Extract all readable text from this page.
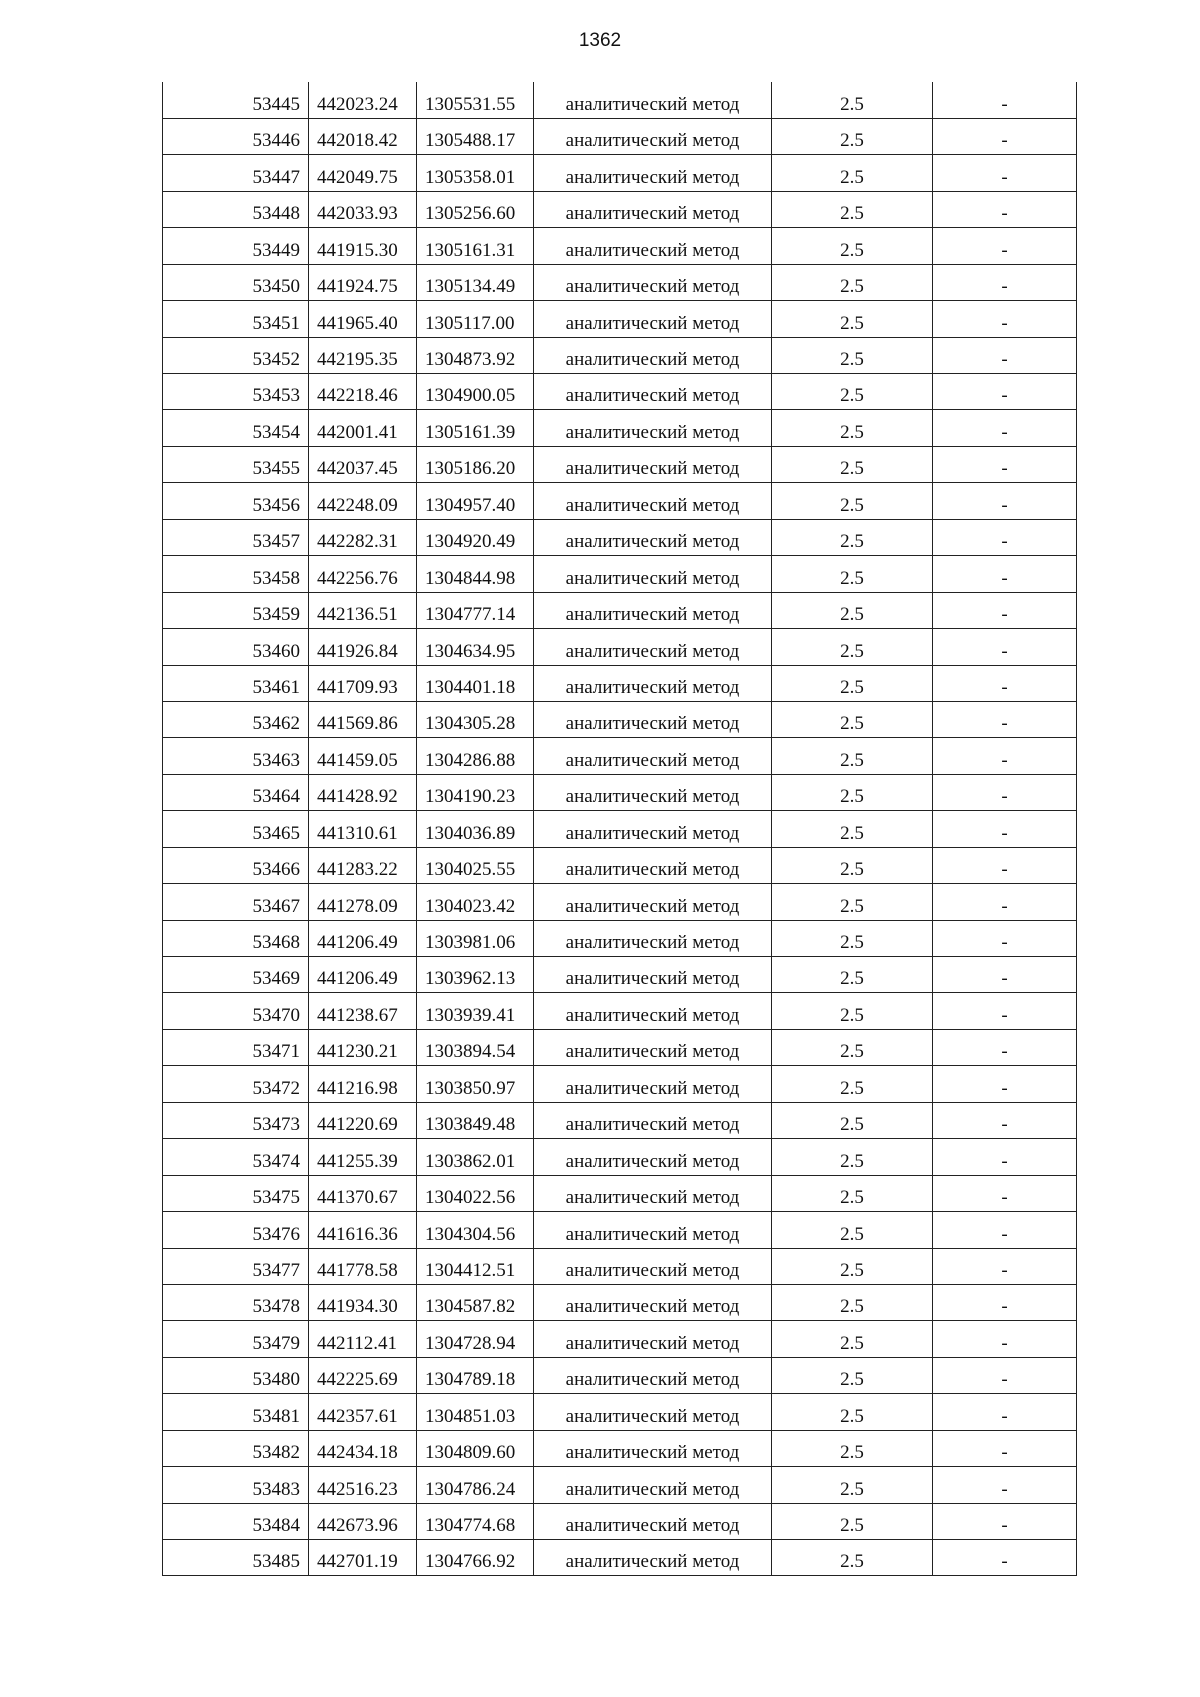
1362
53445	442023.24	1305531.55	аналитический метод	2.5	-
53446	442018.42	1305488.17	аналитический метод	2.5	-
53447	442049.75	1305358.01	аналитический метод	2.5	-
53448	442033.93	1305256.60	аналитический метод	2.5	-
53449	441915.30	1305161.31	аналитический метод	2.5	-
53450	441924.75	1305134.49	аналитический метод	2.5	-
53451	441965.40	1305117.00	аналитический метод	2.5	-
53452	442195.35	1304873.92	аналитический метод	2.5	-
53453	442218.46	1304900.05	аналитический метод	2.5	-
53454	442001.41	1305161.39	аналитический метод	2.5	-
53455	442037.45	1305186.20	аналитический метод	2.5	-
53456	442248.09	1304957.40	аналитический метод	2.5	-
53457	442282.31	1304920.49	аналитический метод	2.5	-
53458	442256.76	1304844.98	аналитический метод	2.5	-
53459	442136.51	1304777.14	аналитический метод	2.5	-
53460	441926.84	1304634.95	аналитический метод	2.5	-
53461	441709.93	1304401.18	аналитический метод	2.5	-
53462	441569.86	1304305.28	аналитический метод	2.5	-
53463	441459.05	1304286.88	аналитический метод	2.5	-
53464	441428.92	1304190.23	аналитический метод	2.5	-
53465	441310.61	1304036.89	аналитический метод	2.5	-
53466	441283.22	1304025.55	аналитический метод	2.5	-
53467	441278.09	1304023.42	аналитический метод	2.5	-
53468	441206.49	1303981.06	аналитический метод	2.5	-
53469	441206.49	1303962.13	аналитический метод	2.5	-
53470	441238.67	1303939.41	аналитический метод	2.5	-
53471	441230.21	1303894.54	аналитический метод	2.5	-
53472	441216.98	1303850.97	аналитический метод	2.5	-
53473	441220.69	1303849.48	аналитический метод	2.5	-
53474	441255.39	1303862.01	аналитический метод	2.5	-
53475	441370.67	1304022.56	аналитический метод	2.5	-
53476	441616.36	1304304.56	аналитический метод	2.5	-
53477	441778.58	1304412.51	аналитический метод	2.5	-
53478	441934.30	1304587.82	аналитический метод	2.5	-
53479	442112.41	1304728.94	аналитический метод	2.5	-
53480	442225.69	1304789.18	аналитический метод	2.5	-
53481	442357.61	1304851.03	аналитический метод	2.5	-
53482	442434.18	1304809.60	аналитический метод	2.5	-
53483	442516.23	1304786.24	аналитический метод	2.5	-
53484	442673.96	1304774.68	аналитический метод	2.5	-
53485	442701.19	1304766.92	аналитический метод	2.5	-
